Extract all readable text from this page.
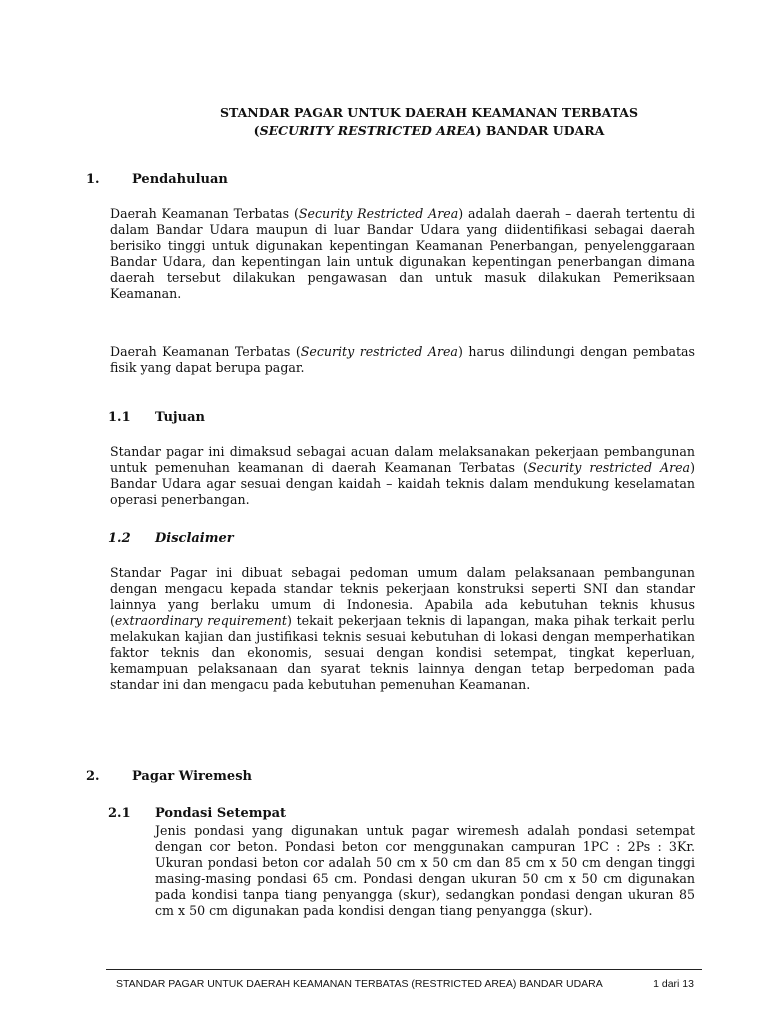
STANDAR PAGAR UNTUK DAERAH KEAMANAN TERBATAS
(SECURITY RESTRICTED AREA) BANDAR UDARA
1. Pendahuluan

Daerah Keamanan Terbatas (Security Restricted Area) adalah daerah – daerah tertentu di dalam Bandar Udara maupun di luar Bandar Udara yang diidentifikasi sebagai daerah berisiko tinggi untuk digunakan kepentingan Keamanan Penerbangan, penyelenggaraan Bandar Udara, dan kepentingan lain untuk digunakan kepentingan penerbangan dimana daerah tersebut dilakukan pengawasan dan untuk masuk dilakukan Pemeriksaan Keamanan.

Daerah Keamanan Terbatas (Security restricted Area) harus dilindungi dengan pembatas fisik yang dapat berupa pagar.

1.1 Tujuan

Standar pagar ini dimaksud sebagai acuan dalam melaksanakan pekerjaan pembangunan untuk pemenuhan keamanan di daerah Keamanan Terbatas (Security restricted Area) Bandar Udara agar sesuai dengan kaidah – kaidah teknis dalam mendukung keselamatan operasi penerbangan.

1.2 Disclaimer

Standar Pagar ini dibuat sebagai pedoman umum dalam pelaksanaan pembangunan dengan mengacu kepada standar teknis pekerjaan konstruksi seperti SNI dan standar lainnya yang berlaku umum di Indonesia. Apabila ada kebutuhan teknis khusus (extraordinary requirement) tekait pekerjaan teknis di lapangan, maka pihak terkait perlu melakukan kajian dan justifikasi teknis sesuai kebutuhan di lokasi dengan memperhatikan faktor teknis dan ekonomis, sesuai dengan kondisi setempat, tingkat keperluan, kemampuan pelaksanaan dan syarat teknis lainnya dengan tetap berpedoman pada standar ini dan mengacu pada kebutuhan pemenuhan Keamanan.

2. Pagar Wiremesh
2.1 Pondasi Setempat

Jenis pondasi yang digunakan untuk pagar wiremesh adalah pondasi setempat dengan cor beton. Pondasi beton cor menggunakan campuran 1PC : 2Ps : 3Kr. Ukuran pondasi beton cor adalah 50 cm x 50 cm dan 85 cm x 50 cm dengan tinggi masing-masing pondasi 65 cm. Pondasi dengan ukuran 50 cm x 50 cm digunakan pada kondisi tanpa tiang penyangga (skur), sedangkan pondasi dengan ukuran 85 cm x 50 cm digunakan pada kondisi dengan tiang penyangga (skur).

STANDAR PAGAR UNTUK DAERAH KEAMANAN TERBATAS (RESTRICTED AREA) BANDAR UDARA	1 dari 13
